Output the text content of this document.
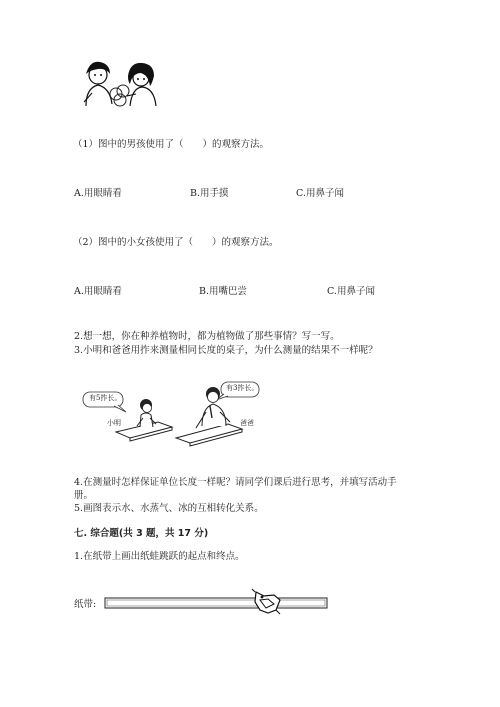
（1）图中的男孩使用了（　　）的观察方法。
A.用眼睛看	B.用手摸	C.用鼻子闻
（2）图中的小女孩使用了（　　）的观察方法。
A.用眼睛看	B.用嘴巴尝	C.用鼻子闻
2.想一想，你在种养植物时，都为植物做了那些事情？写一写。
3.小明和爸爸用拃来测量相同长度的桌子，为什么测量的结果不一样呢？
有5拃长。
有3拃长。
小明	爸爸
4.在测量时怎样保证单位长度一样呢？请同学们课后进行思考，并填写活动手
册。
5.画图表示水、水蒸气、冰的互相转化关系。
七. 综合题(共 3 题，共 17 分)
1.在纸带上画出纸蛙跳跃的起点和终点。
纸带:
